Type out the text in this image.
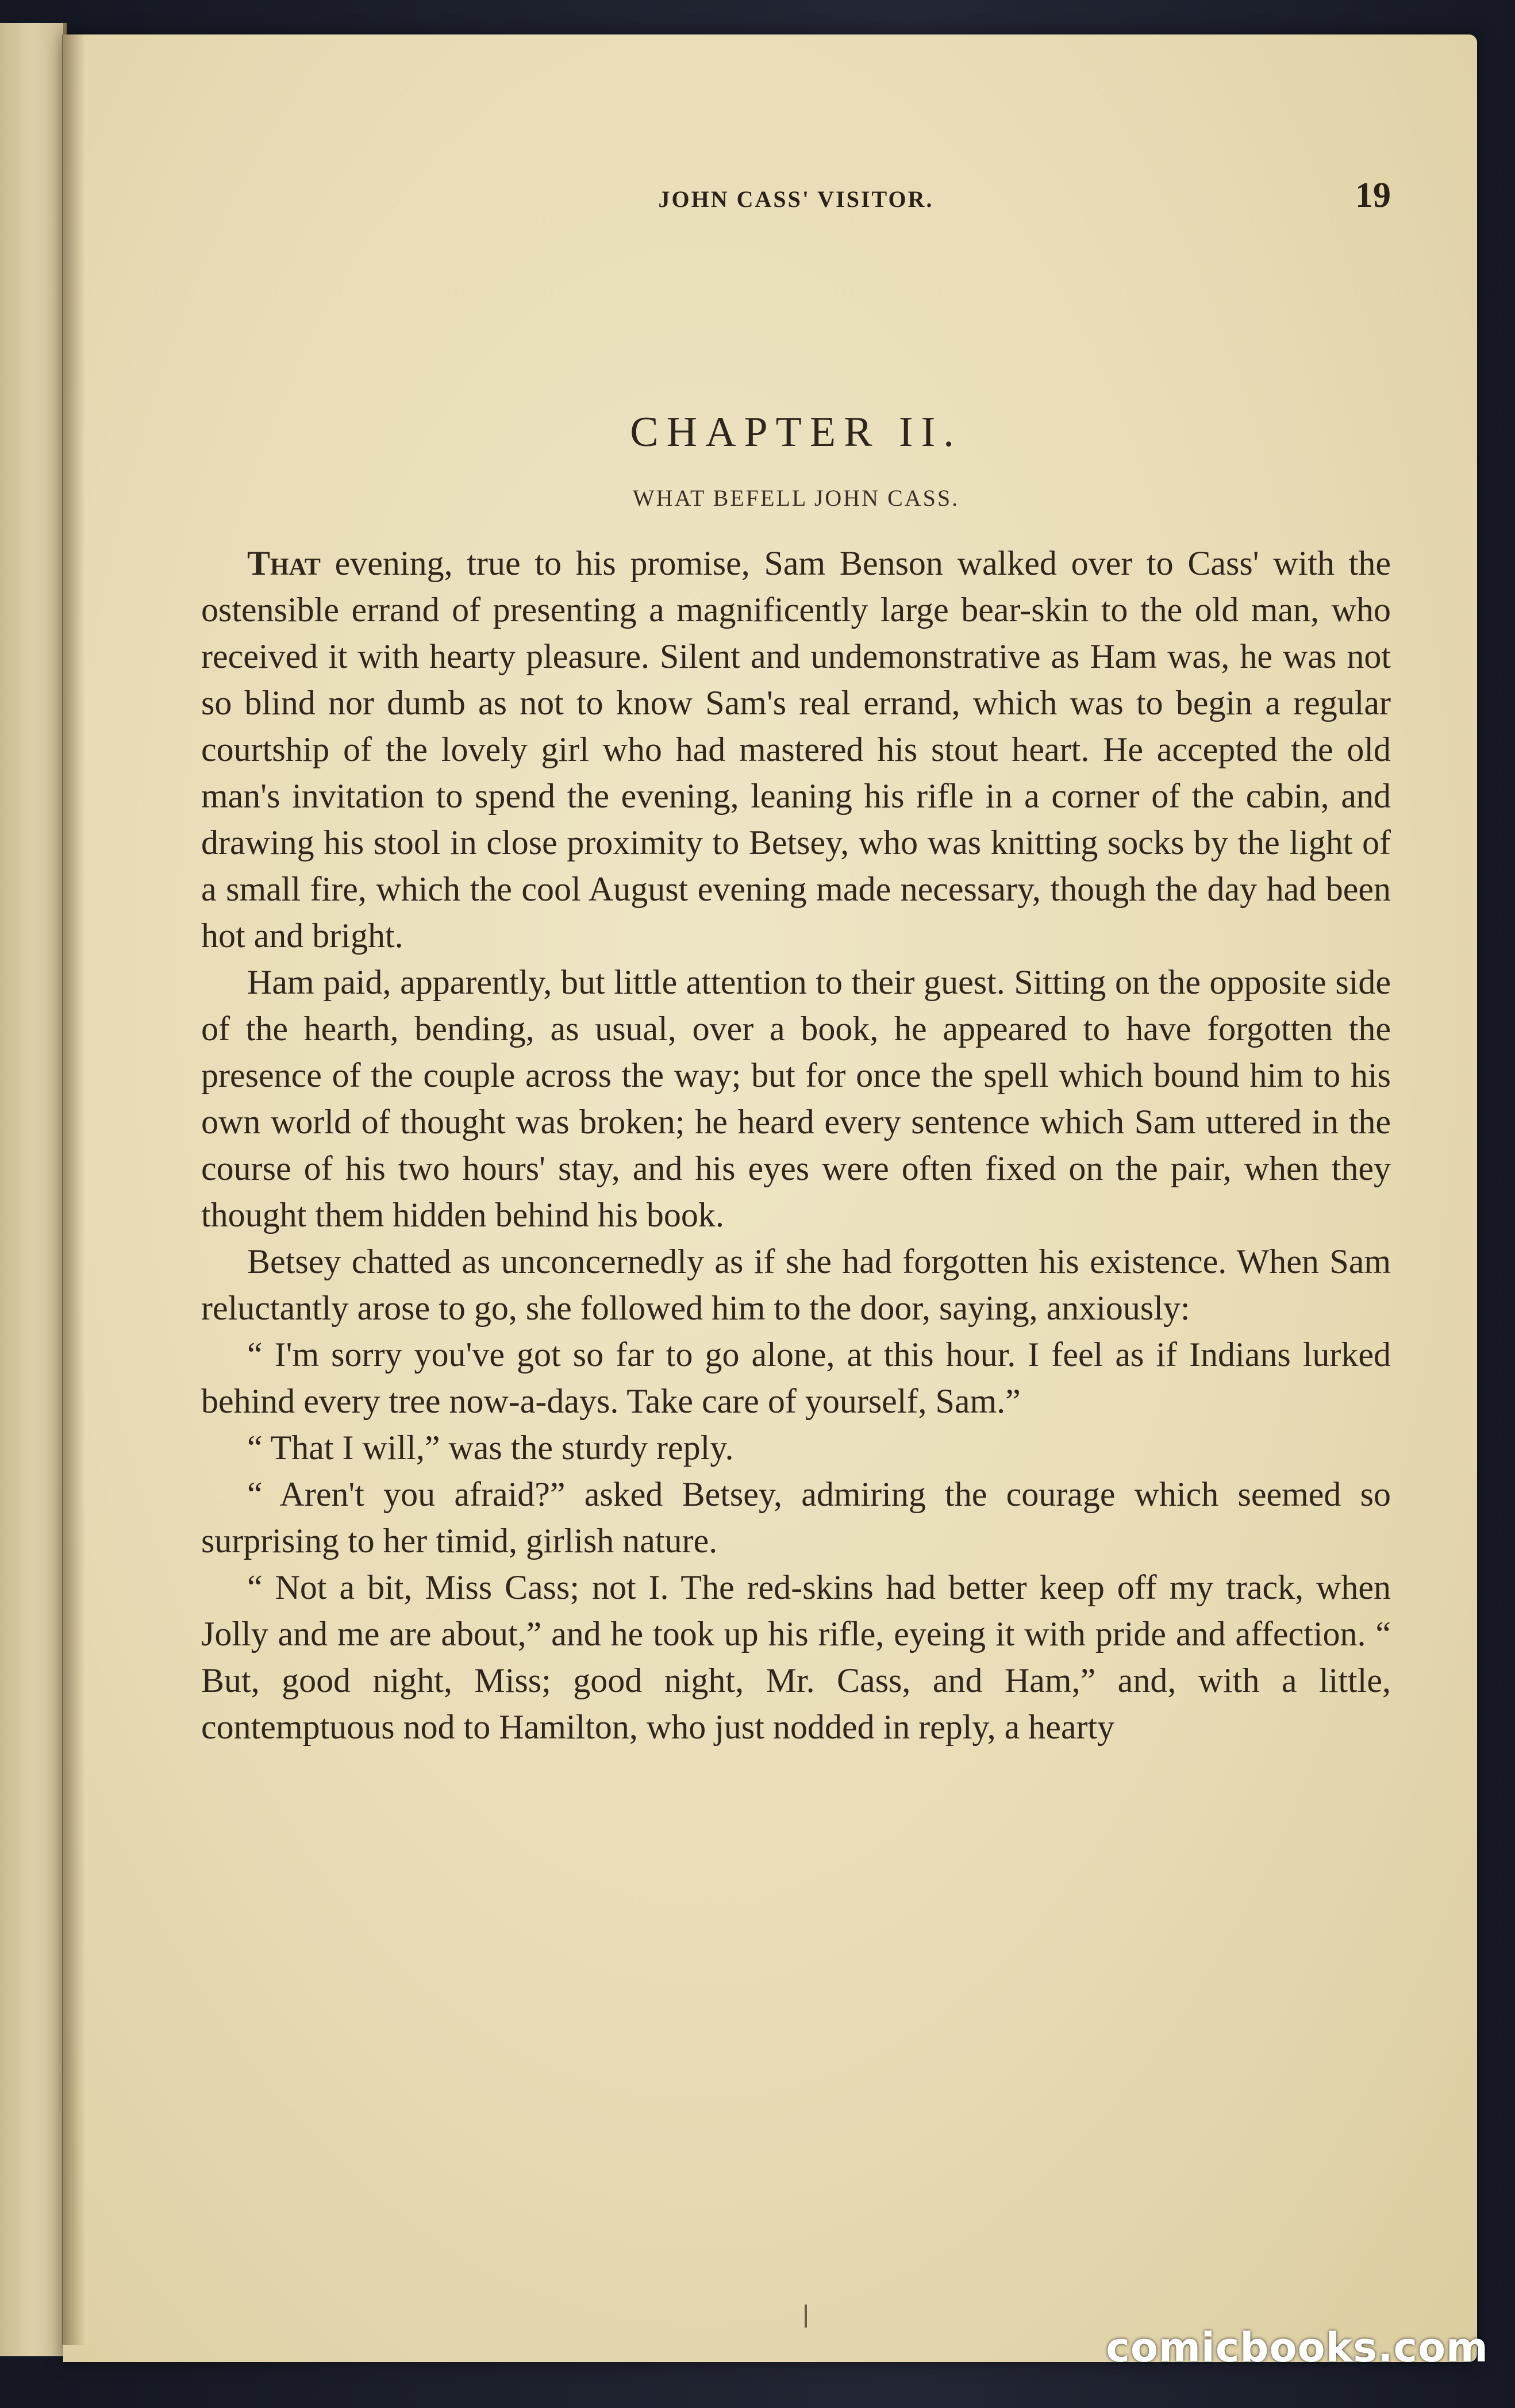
JOHN CASS' VISITOR.	19
CHAPTER II.
WHAT BEFELL JOHN CASS.

That evening, true to his promise, Sam Benson walked over to Cass' with the ostensible errand of presenting a magnificently large bear-skin to the old man, who received it with hearty pleasure. Silent and undemonstrative as Ham was, he was not so blind nor dumb as not to know Sam's real errand, which was to begin a regular courtship of the lovely girl who had mastered his stout heart. He accepted the old man's invitation to spend the evening, leaning his rifle in a corner of the cabin, and drawing his stool in close proximity to Betsey, who was knitting socks by the light of a small fire, which the cool August evening made necessary, though the day had been hot and bright.

Ham paid, apparently, but little attention to their guest. Sitting on the opposite side of the hearth, bending, as usual, over a book, he appeared to have forgotten the presence of the couple across the way; but for once the spell which bound him to his own world of thought was broken; he heard every sentence which Sam uttered in the course of his two hours' stay, and his eyes were often fixed on the pair, when they thought them hidden behind his book.

Betsey chatted as unconcernedly as if she had forgotten his existence. When Sam reluctantly arose to go, she followed him to the door, saying, anxiously:

“ I'm sorry you've got so far to go alone, at this hour. I feel as if Indians lurked behind every tree now-a-days. Take care of yourself, Sam.”

“ That I will,” was the sturdy reply.

“ Aren't you afraid?” asked Betsey, admiring the courage which seemed so surprising to her timid, girlish nature.

“ Not a bit, Miss Cass; not I. The red-skins had better keep off my track, when Jolly and me are about,” and he took up his rifle, eyeing it with pride and affection. “ But, good night, Miss; good night, Mr. Cass, and Ham,” and, with a little, contemptuous nod to Hamilton, who just nodded in reply, a hearty

comicbooks.com
